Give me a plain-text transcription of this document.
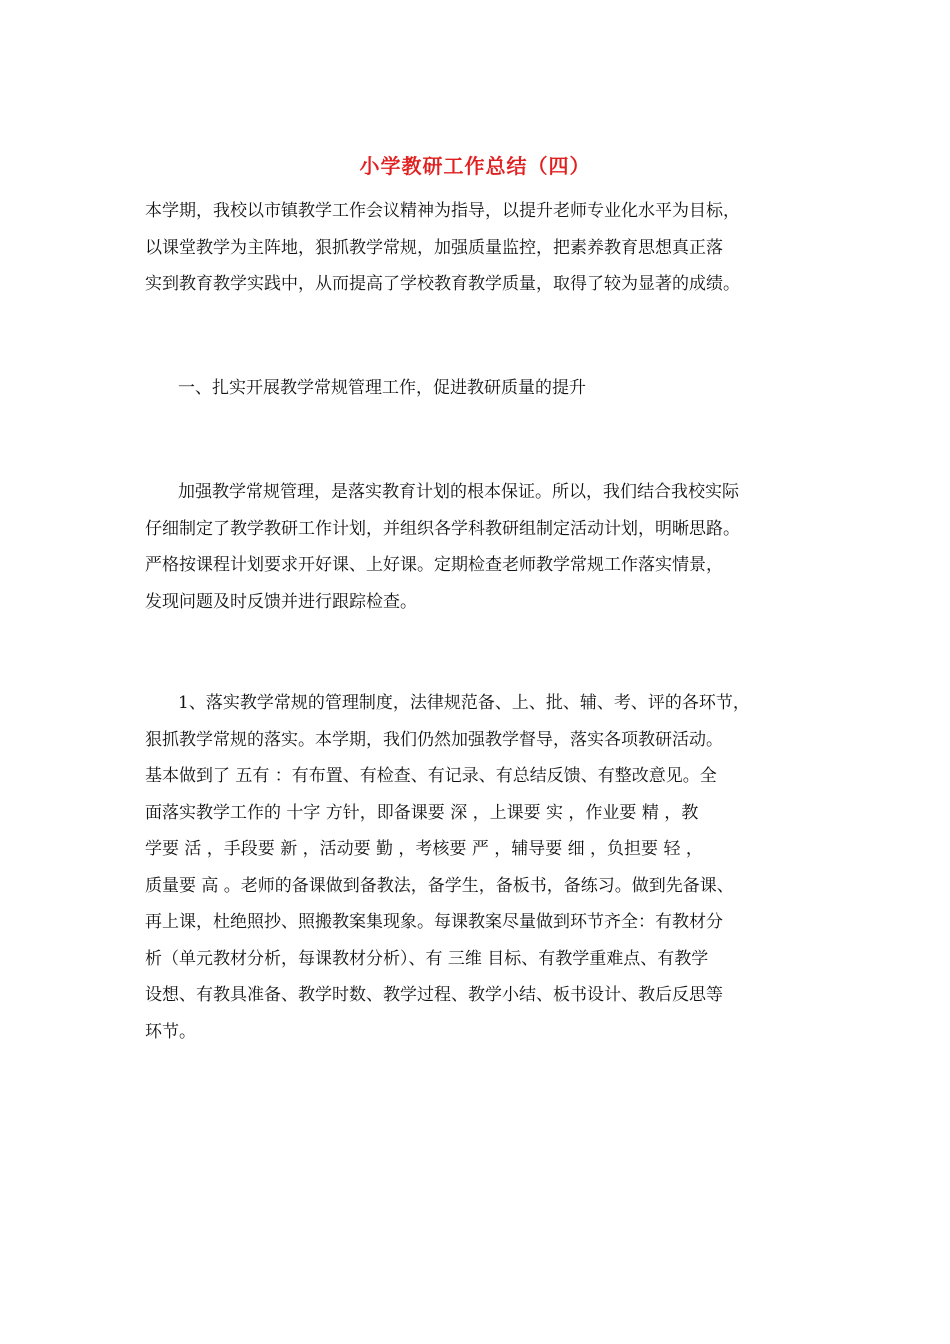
小学教研工作总结（四）
本学期，我校以市镇教学工作会议精神为指导，以提升老师专业化水平为目标，
以课堂教学为主阵地，狠抓教学常规，加强质量监控，把素养教育思想真正落
实到教育教学实践中，从而提高了学校教育教学质量，取得了较为显著的成绩。
一、扎实开展教学常规管理工作，促进教研质量的提升
加强教学常规管理，是落实教育计划的根本保证。所以，我们结合我校实际
仔细制定了教学教研工作计划，并组织各学科教研组制定活动计划，明晰思路。
严格按课程计划要求开好课、上好课。定期检查老师教学常规工作落实情景，
发现问题及时反馈并进行跟踪检查。
1、落实教学常规的管理制度，法律规范备、上、批、辅、考、评的各环节，
狠抓教学常规的落实。本学期，我们仍然加强教学督导，落实各项教研活动。
基本做到了 五有 ：有布置、有检查、有记录、有总结反馈、有整改意见。全
面落实教学工作的 十字 方针，即备课要 深 ，上课要 实 ，作业要 精 ，教
学要 活 ，手段要 新 ，活动要 勤 ，考核要 严 ，辅导要 细 ，负担要 轻 ，
质量要 高 。老师的备课做到备教法，备学生，备板书，备练习。做到先备课、
再上课，杜绝照抄、照搬教案集现象。每课教案尽量做到环节齐全：有教材分
析（单元教材分析，每课教材分析）、有 三维 目标、有教学重难点、有教学
设想、有教具准备、教学时数、教学过程、教学小结、板书设计、教后反思等
环节。
